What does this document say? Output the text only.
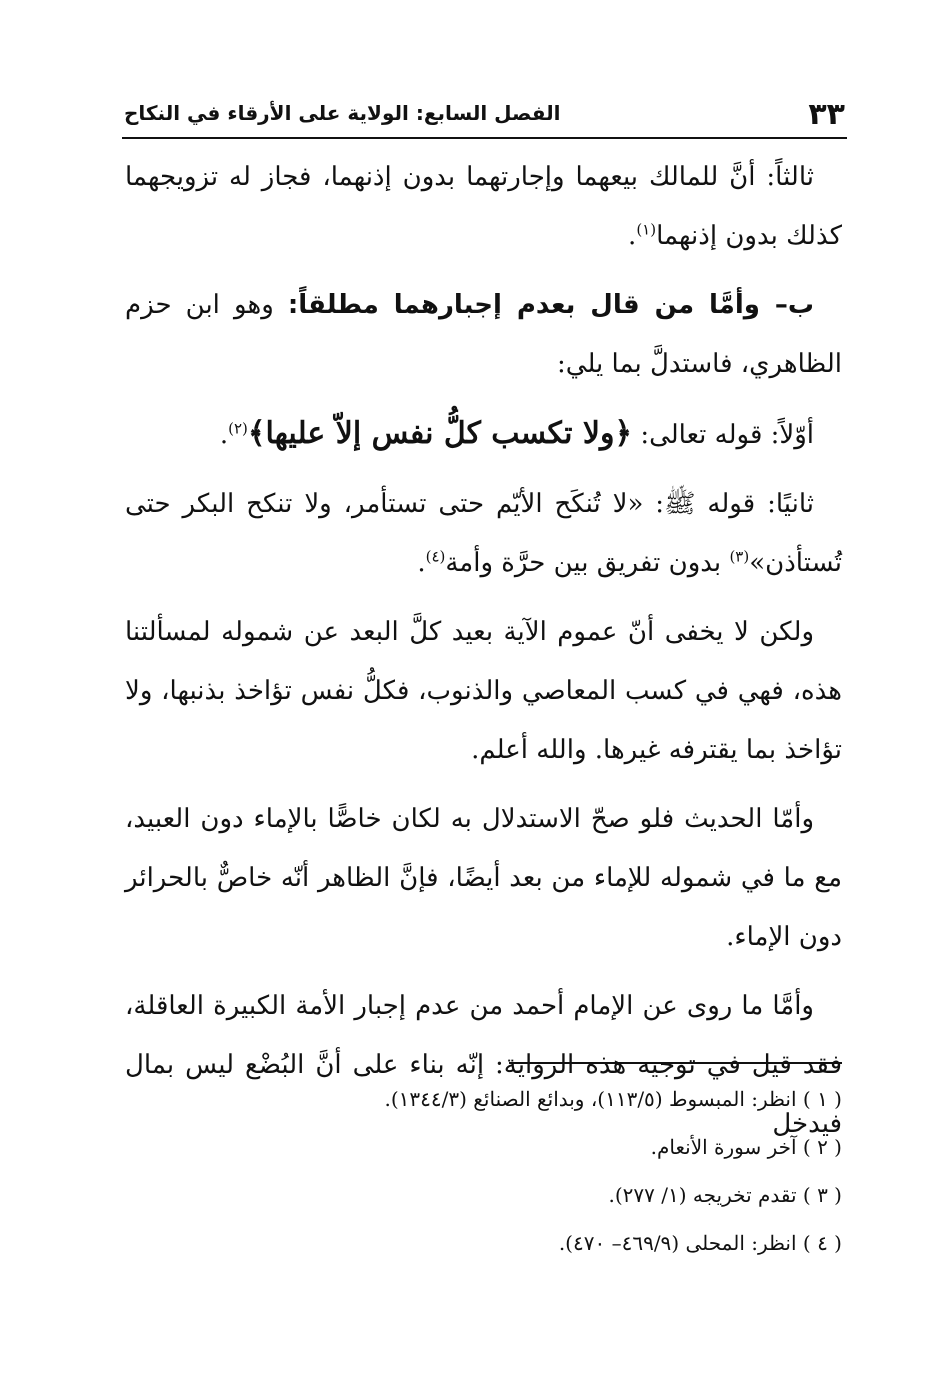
٣٣
الفصل السابع: الولاية على الأرقاء في النكاح

ثالثاً: أنَّ للمالك بيعهما وإجارتهما بدون إذنهما، فجاز له تزويجهما كذلك بدون إذنهما$^{(١)}$.

ب– وأمَّا من قال بعدم إجبارهما مطلقاً: وهو ابن حزم الظاهري، فاستدلَّ بما يلي:

أوّلاً: قوله تعالى: ﴿ولا تكسب كلُّ نفس إلاّ عليها﴾$^{(٢)}$.

ثانيًا: قوله ﷺ: «لا تُنكَح الأيّم حتى تستأمر، ولا تنكح البكر حتى تُستأذن»$^{(٣)}$ بدون تفريق بين حرَّة وأمة$^{(٤)}$.

ولكن لا يخفى أنّ عموم الآية بعيد كلَّ البعد عن شموله لمسألتنا هذه، فهي في كسب المعاصي والذنوب، فكلُّ نفس تؤاخذ بذنبها، ولا تؤاخذ بما يقترفه غيرها. والله أعلم.

وأمّا الحديث فلو صحّ الاستدلال به لكان خاصًّا بالإماء دون العبيد، مع ما في شموله للإماء من بعد أيضًا، فإنَّ الظاهر أنّه خاصٌّ بالحرائر دون الإماء.

وأمَّا ما روى عن الإمام أحمد من عدم إجبار الأمة الكبيرة العاقلة، فقد قيل في توجيه هذه الرواية: إنّه بناء على أنَّ البُضْع ليس بمال فيدخل

( ١ ) انظر: المبسوط (١١٣/٥)، وبدائع الصنائع (١٣٤٤/٣).
( ٢ ) آخر سورة الأنعام.
( ٣ ) تقدم تخريجه (١/ ٢٧٧).
( ٤ ) انظر: المحلى (٤٦٩/٩– ٤٧٠).
